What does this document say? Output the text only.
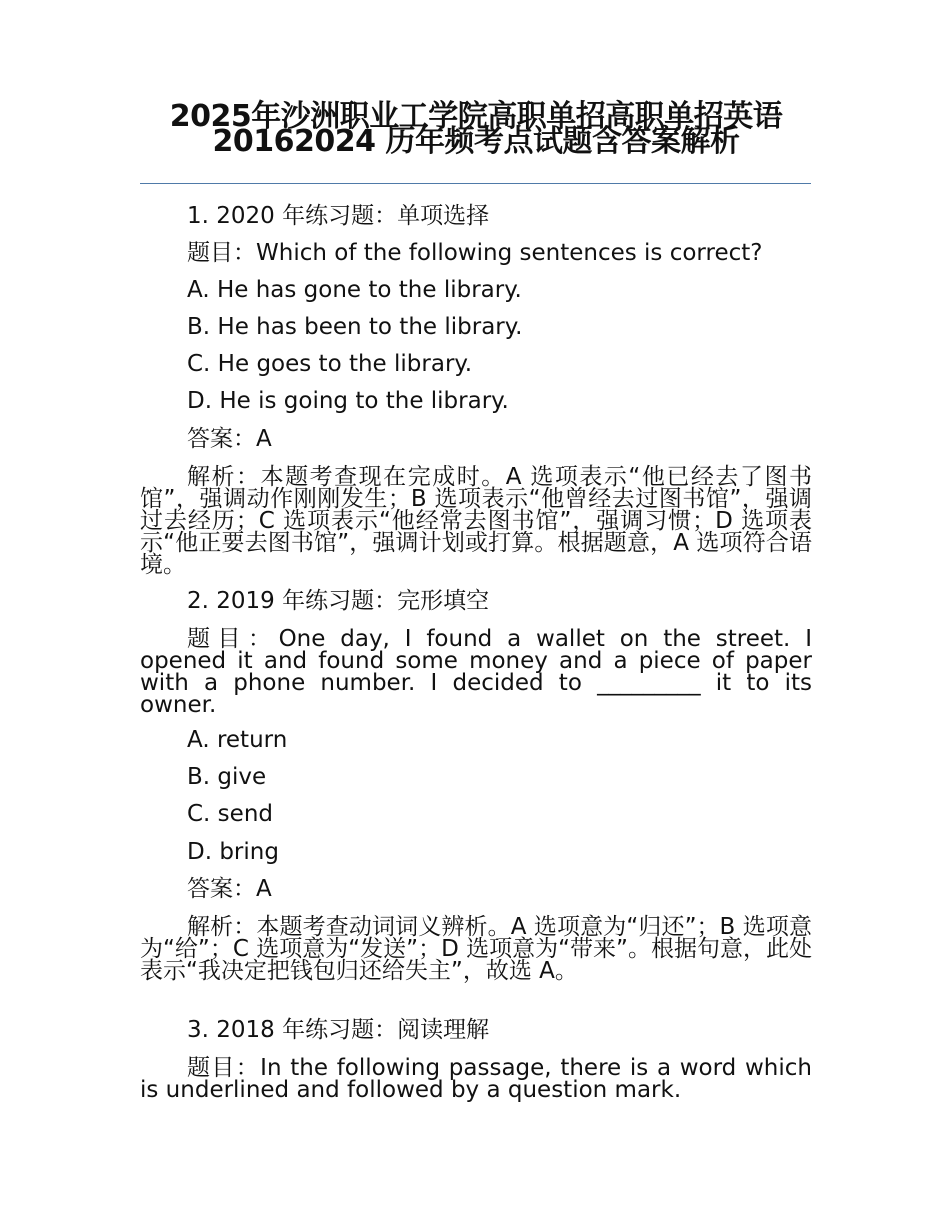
2025年沙洲职业工学院高职单招高职单招英语 20162024 历年频考点试题含答案解析
1. 2020 年练习题：单项选择
题目：Which of the following sentences is correct?
A. He has gone to the library.
B. He has been to the library.
C. He goes to the library.
D. He is going to the library.
答案：A
解析：本题考查现在完成时。A 选项表示“他已经去了图书馆”，强调动作刚刚发生；B 选项表示“他曾经去过图书馆”，强调过去经历；C 选项表示“他经常去图书馆”，强调习惯；D 选项表示“他正要去图书馆”，强调计划或打算。根据题意，A 选项符合语境。
2. 2019 年练习题：完形填空
题目：One day, I found a wallet on the street. I opened it and found some money and a piece of paper with a phone number. I decided to _________ it to its owner.
A. return
B. give
C. send
D. bring
答案：A
解析：本题考查动词词义辨析。A 选项意为“归还”；B 选项意为“给”；C 选项意为“发送”；D 选项意为“带来”。根据句意，此处表示“我决定把钱包归还给失主”，故选 A。
3. 2018 年练习题：阅读理解
题目：In the following passage, there is a word which is underlined and followed by a question mark.
